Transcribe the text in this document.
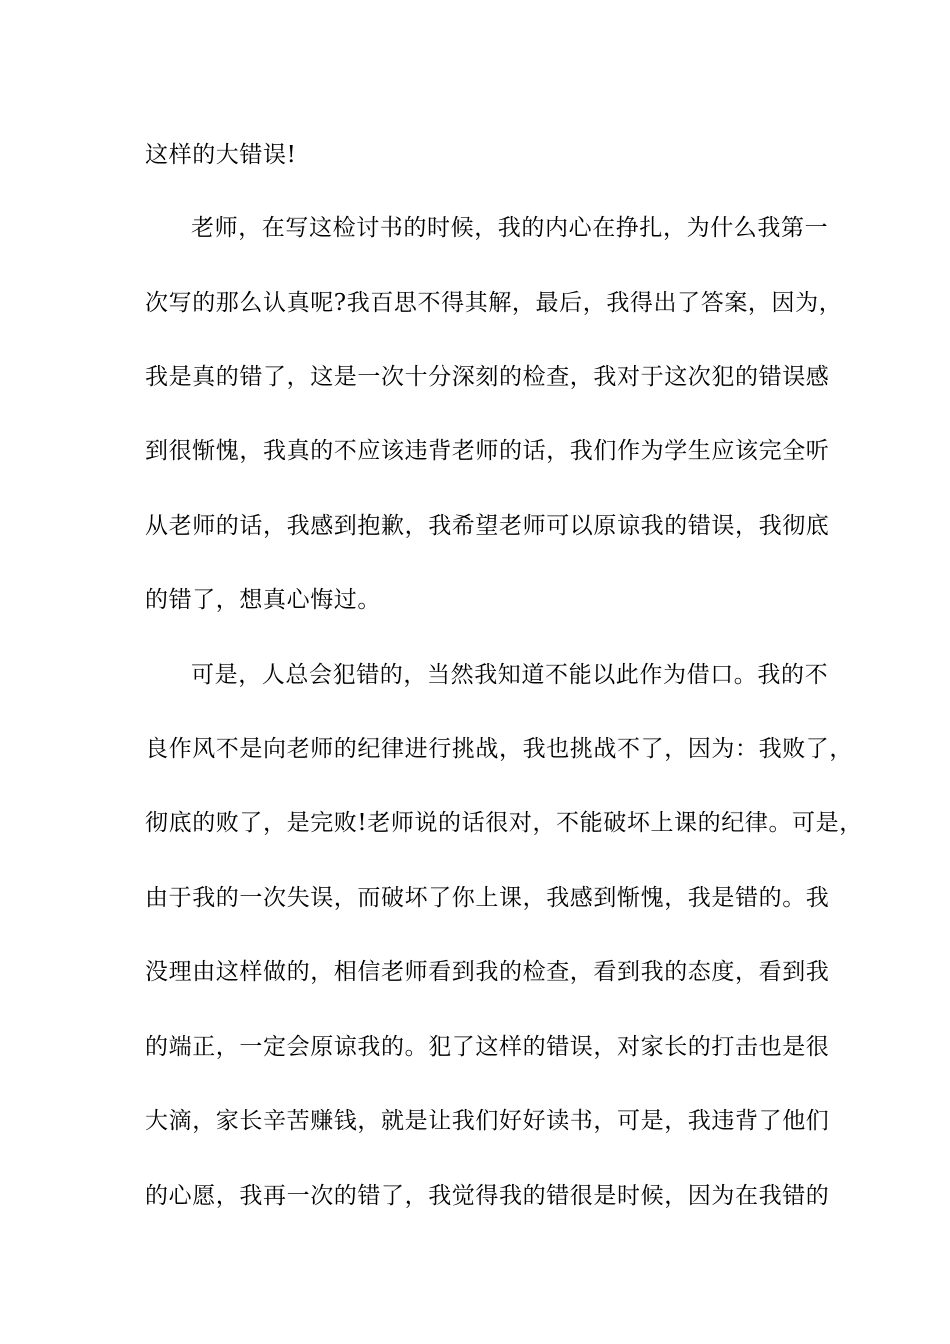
这样的大错误!
老师，在写这检讨书的时候，我的内心在挣扎，为什么我第一
次写的那么认真呢?我百思不得其解，最后，我得出了答案，因为，
我是真的错了，这是一次十分深刻的检查，我对于这次犯的错误感
到很惭愧，我真的不应该违背老师的话，我们作为学生应该完全听
从老师的话，我感到抱歉，我希望老师可以原谅我的错误，我彻底
的错了，想真心悔过。
可是，人总会犯错的，当然我知道不能以此作为借口。我的不
良作风不是向老师的纪律进行挑战，我也挑战不了，因为：我败了，
彻底的败了，是完败!老师说的话很对，不能破坏上课的纪律。可是，
由于我的一次失误，而破坏了你上课，我感到惭愧，我是错的。我
没理由这样做的，相信老师看到我的检查，看到我的态度，看到我
的端正，一定会原谅我的。犯了这样的错误，对家长的打击也是很
大滴，家长辛苦赚钱，就是让我们好好读书，可是，我违背了他们
的心愿，我再一次的错了，我觉得我的错很是时候，因为在我错的
